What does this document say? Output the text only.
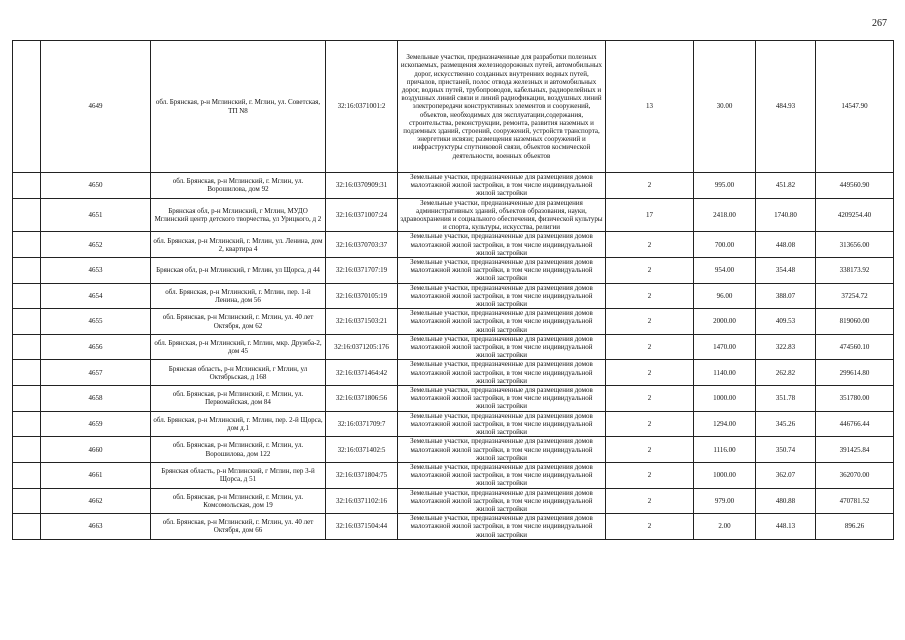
267
	4649	обл. Брянская, р-н Мглинский, г. Мглин, ул. Советская, ТП N8	32:16:0371001:2	Земельные участки, предназначенные для разработки полезных ископаемых, размещения железнодорожных путей, автомобильных дорог, искусственно созданных внутренних водных путей, причалов, пристаней, полос отвода железных и автомобильных дорог, водных путей, трубопроводов, кабельных, радиорелейных и воздушных линий связи и линий радиофикации, воздушных линий электропередачи конструктивных элементов и сооружений, объектов, необходимых для эксплуатации,содержания, строительства, реконструкции, ремонта, развития наземных и подземных зданий, строений, сооружений, устройств транспорта, энергетики исвязи; размещения наземных сооружений и инфраструктуры спутниковой связи, объектов космической деятельности, военных объектов	13	30.00	484.93	14547.90
	4650	обл. Брянская, р-н Мглинский, г. Мглин, ул. Ворошилова, дом 92	32:16:0370909:31	Земельные участки, предназначенные для размещения домов малоэтажной жилой застройки, в том числе индивидуальной жилой застройки	2	995.00	451.82	449560.90
	4651	Брянская обл, р-н Мглинский, г Мглин, МУДО Мглинский центр детского творчества, ул Урицкого, д 2	32:16:0371007:24	Земельные участки, предназначенные для размещения административных зданий, объектов образования, науки, здравоохранения и социального обеспечения, физической культуры и спорта, культуры, искусства, религии	17	2418.00	1740.80	4209254.40
	4652	обл. Брянская, р-н Мглинский, г. Мглин, ул. Ленина, дом 2, квартира 4	32:16:0370703:37	Земельные участки, предназначенные для размещения домов малоэтажной жилой застройки, в том числе индивидуальной жилой застройки	2	700.00	448.08	313656.00
	4653	Брянская обл, р-н Мглинский, г Мглин, ул Щорса, д 44	32:16:0371707:19	Земельные участки, предназначенные для размещения домов малоэтажной жилой застройки, в том числе индивидуальной жилой застройки	2	954.00	354.48	338173.92
	4654	обл. Брянская, р-н Мглинский, г. Мглин, пер. 1-й Ленина, дом 56	32:16:0370105:19	Земельные участки, предназначенные для размещения домов малоэтажной жилой застройки, в том числе индивидуальной жилой застройки	2	96.00	388.07	37254.72
	4655	обл. Брянская, р-н Мглинский, г. Мглин, ул. 40 лет Октября, дом 62	32:16:0371503:21	Земельные участки, предназначенные для размещения домов малоэтажной жилой застройки, в том числе индивидуальной жилой застройки	2	2000.00	409.53	819060.00
	4656	обл. Брянская, р-н Мглинский, г. Мглин, мкр. Дружба-2, дом 45	32:16:0371205:176	Земельные участки, предназначенные для размещения домов малоэтажной жилой застройки, в том числе индивидуальной жилой застройки	2	1470.00	322.83	474560.10
	4657	Брянская область, р-н Мглинский, г Мглин, ул Октябрьская, д 168	32:16:0371464:42	Земельные участки, предназначенные для размещения домов малоэтажной жилой застройки, в том числе индивидуальной жилой застройки	2	1140.00	262.82	299614.80
	4658	обл. Брянская, р-н Мглинский, г. Мглин, ул. Первомайская, дом 84	32:16:0371806:56	Земельные участки, предназначенные для размещения домов малоэтажной жилой застройки, в том числе индивидуальной жилой застройки	2	1000.00	351.78	351780.00
	4659	обл. Брянская, р-н Мглинский, г. Мглин, пер. 2-й Щорса, дом д.1	32:16:0371709:7	Земельные участки, предназначенные для размещения домов малоэтажной жилой застройки, в том числе индивидуальной жилой застройки	2	1294.00	345.26	446766.44
	4660	обл. Брянская, р-н Мглинский, г. Мглин, ул. Ворошилова, дом 122	32:16:0371402:5	Земельные участки, предназначенные для размещения домов малоэтажной жилой застройки, в том числе индивидуальной жилой застройки	2	1116.00	350.74	391425.84
	4661	Брянская область, р-н Мглинский, г Мглин, пер 3-й Щорса, д 51	32:16:0371804:75	Земельные участки, предназначенные для размещения домов малоэтажной жилой застройки, в том числе индивидуальной жилой застройки	2	1000.00	362.07	362070.00
	4662	обл. Брянская, р-н Мглинский, г. Мглин, ул. Комсомольская, дом 19	32:16:0371102:16	Земельные участки, предназначенные для размещения домов малоэтажной жилой застройки, в том числе индивидуальной жилой застройки	2	979.00	480.88	470781.52
	4663	обл. Брянская, р-н Мглинский, г. Мглин, ул. 40 лет Октября, дом 66	32:16:0371504:44	Земельные участки, предназначенные для размещения домов малоэтажной жилой застройки, в том числе индивидуальной жилой застройки	2	2.00	448.13	896.26
